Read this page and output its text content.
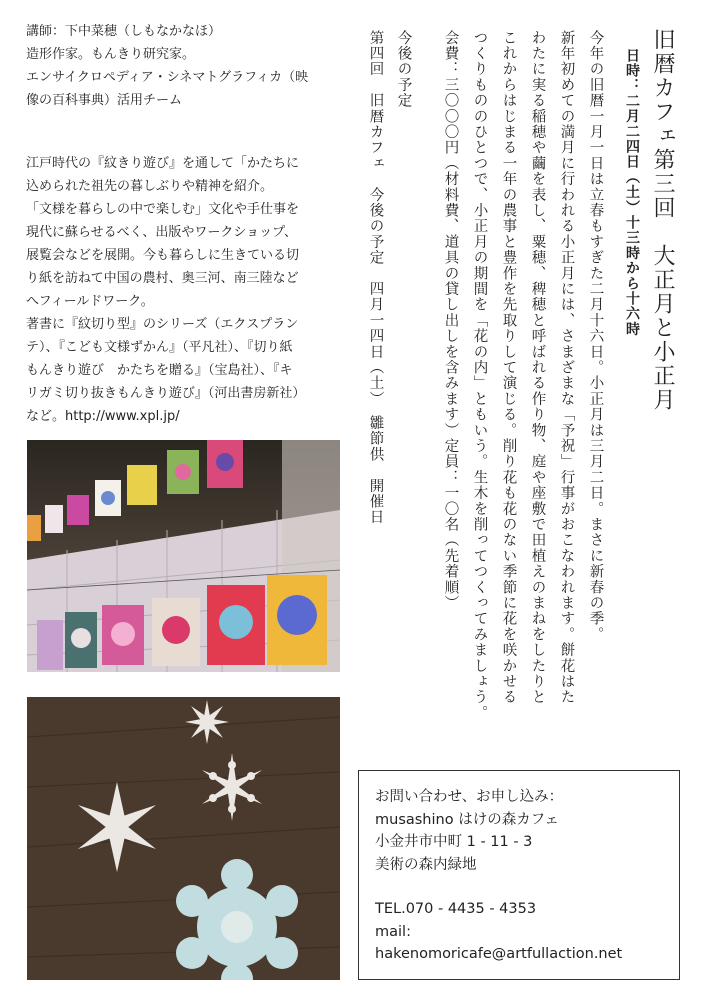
旧暦カフェ第三回　大正月と小正月
日時：二月二四日（土）十三時から十六時
今年の旧暦一月一日は立春もすぎた二月十六日。小正月は三月二日。まさに新春の季。
新年初めての満月に行われる小正月には、さまざまな「予祝」行事がおこなわれます。餅花はた
わたに実る稲穂や繭を表し、粟穂、稗穂と呼ばれる作り物、庭や座敷で田植えのまねをしたりと
これからはじまる一年の農事と豊作を先取りして演じる。削り花も花のない季節に花を咲かせる
つくりもののひとつで、小正月の期間を「花の内」ともいう。生木を削ってつくってみましょう。
会費：三〇〇〇円（材料費、道具の貸し出しを含みます）定員：一〇名（先着順）
今後の予定
第四回　旧暦カフェ　今後の予定　四月一四日（土）　雛節供　開催日

講師：下中菜穂（しもなかなほ）

造形作家。もんきり研究家。

エンサイクロペディア・シネマトグラフィカ（映

像の百科事典）活用チーム

江戸時代の『紋きり遊び』を通して「かたちに

込められた祖先の暮しぶりや精神を紹介。

「文様を暮らしの中で楽しむ」文化や手仕事を

現代に蘇らせるべく、出版やワークショップ、

展覧会などを展開。今も暮らしに生きている切

り紙を訪ねて中国の農村、奥三河、南三陸など

へフィールドワーク。

著書に『紋切り型』のシリーズ（エクスプラン

テ）、『こども文様ずかん』（平凡社）、『切り紙

もんきり遊び　かたちを贈る』（宝島社）、『キ

リガミ切り抜きもんきり遊び』（河出書房新社）

など。http://www.xpl.jp/

お問い合わせ、お申し込み：
musashino はけの森カフェ
小金井市中町 1 - 11 - 3
美術の森内緑地
TEL.070 - 4435 - 4353
mail:
hakenomoricafe@artfullaction.net
